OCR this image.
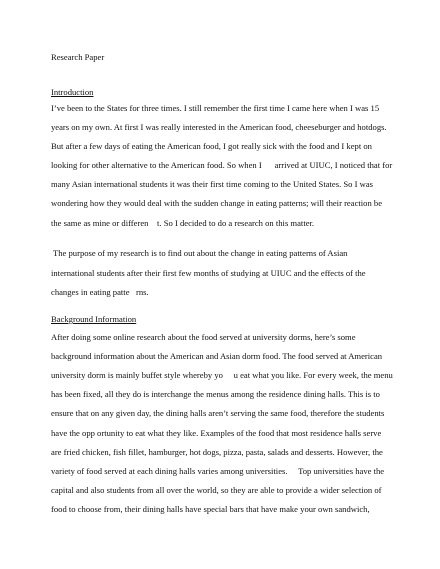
Research Paper
Introduction
I’ve been to the States for three times. I still remember the first time I came here when I was 15
years on my own. At first I was really interested in the American food, cheeseburger and hotdogs.
But after a few days of eating the American food, I got really sick with the food and I kept on
looking for other alternative to the American food. So when I      arrived at UIUC, I noticed that for
many Asian international students it was their first time coming to the United States. So I was
wondering how they would deal with the sudden change in eating patterns; will their reaction be
the same as mine or differen    t. So I decided to do a research on this matter.
The purpose of my research is to find out about the change in eating patterns of Asian
international students after their first few months of studying at UIUC and the effects of the
changes in eating patte   rns.
Background Information
After doing some online research about the food served at university dorms, here’s some
background information about the American and Asian dorm food. The food served at American
university dorm is mainly buffet style whereby yo     u eat what you like. For every week, the menu
has been fixed, all they do is interchange the menus among the residence dining halls. This is to
ensure that on any given day, the dining halls aren’t serving the same food, therefore the students
have the opp ortunity to eat what they like. Examples of the food that most residence halls serve
are fried chicken, fish fillet, hamburger, hot dogs, pizza, pasta, salads and desserts. However, the
variety of food served at each dining halls varies among universities.     Top universities have the
capital and also students from all over the world, so they are able to provide a wider selection of
food to choose from, their dining halls have special bars that have make your own sandwich,
